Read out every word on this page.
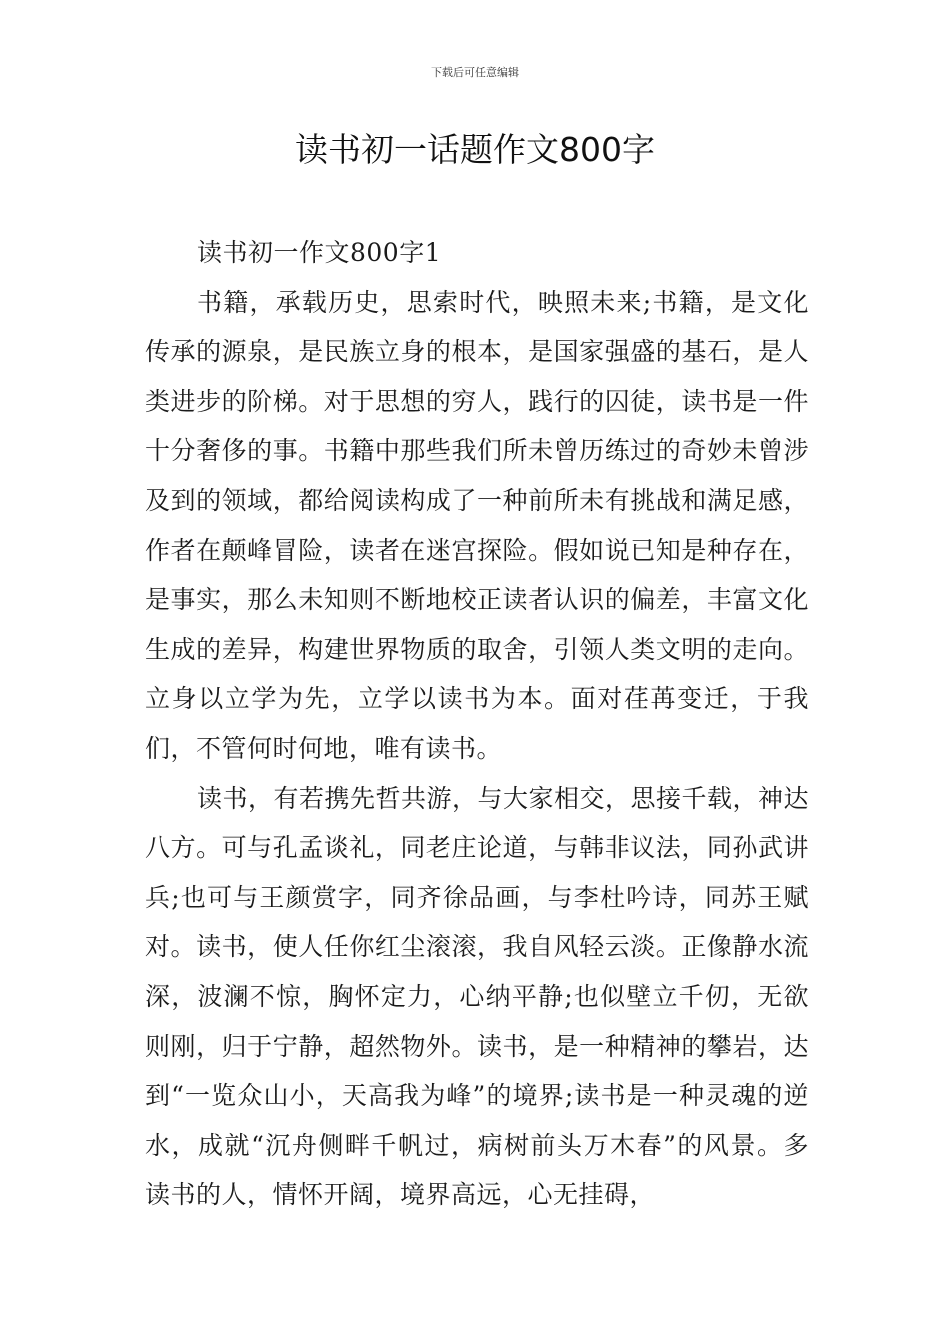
下载后可任意编辑
读书初一话题作文800字

读书初一作文800字1

书籍，承载历史，思索时代，映照未来;书籍，是文化传承的源泉，是民族立身的根本，是国家强盛的基石，是人类进步的阶梯。对于思想的穷人，践行的囚徒，读书是一件十分奢侈的事。书籍中那些我们所未曾历练过的奇妙未曾涉及到的领域，都给阅读构成了一种前所未有挑战和满足感，作者在颠峰冒险，读者在迷宫探险。假如说已知是种存在，是事实，那么未知则不断地校正读者认识的偏差，丰富文化生成的差异，构建世界物质的取舍，引领人类文明的走向。立身以立学为先，立学以读书为本。面对荏苒变迁，于我们，不管何时何地，唯有读书。

读书，有若携先哲共游，与大家相交，思接千载，神达八方。可与孔孟谈礼，同老庄论道，与韩非议法，同孙武讲兵;也可与王颜赏字，同齐徐品画，与李杜吟诗，同苏王赋对。读书，使人任你红尘滚滚，我自风轻云淡。正像静水流深，波澜不惊，胸怀定力，心纳平静;也似壁立千仞，无欲则刚，归于宁静，超然物外。读书，是一种精神的攀岩，达到“一览众山小，天高我为峰”的境界;读书是一种灵魂的逆水，成就“沉舟侧畔千帆过，病树前头万木春”的风景。多读书的人，情怀开阔，境界高远，心无挂碍，
